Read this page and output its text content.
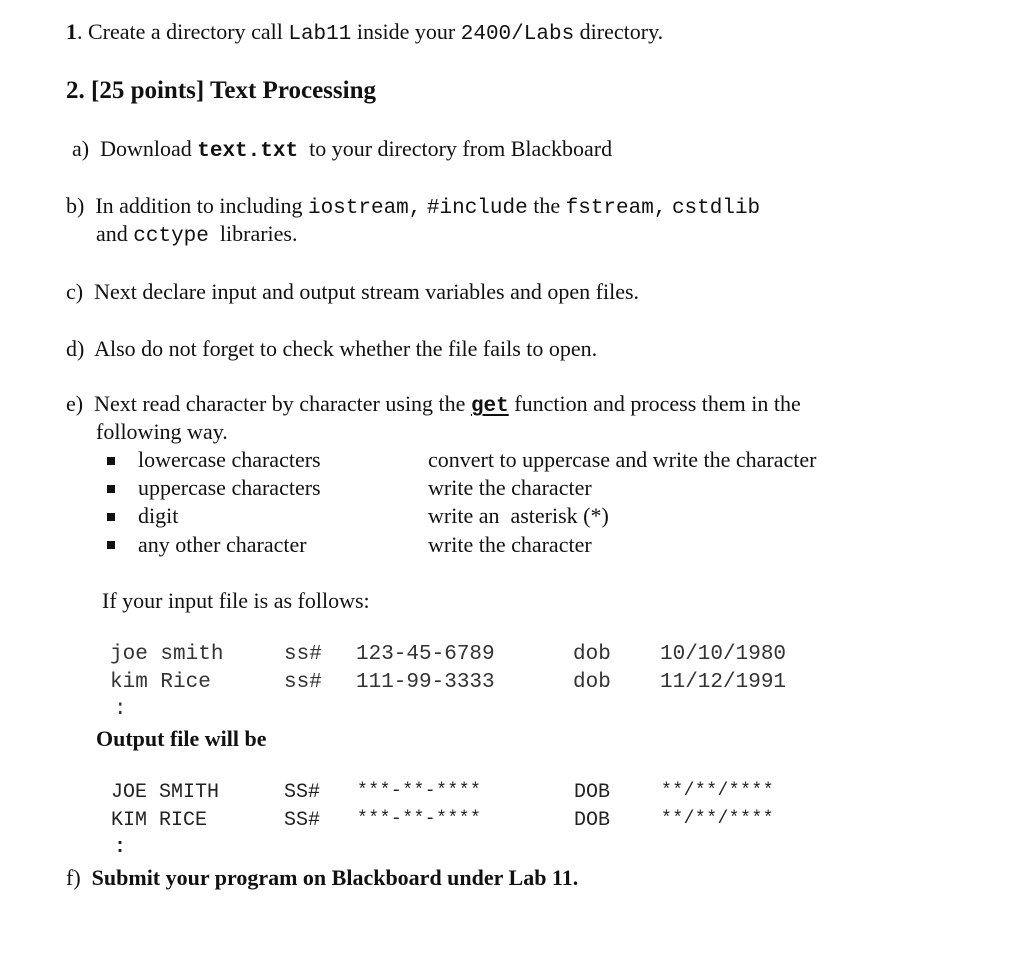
1. Create a directory call Lab11 inside your 2400/Labs directory.
2. [25 points] Text Processing
a)  Download text.txt  to your directory from Blackboard
b)  In addition to including iostream, #include the fstream, cstdlib
and cctype  libraries.
c)  Next declare input and output stream variables and open files.
d)  Also do not forget to check whether the file fails to open.
e)  Next read character by character using the get function and process them in the
following way.
lowercase characters	convert to uppercase and write the character
uppercase characters	write the character
digit	write an  asterisk (*)
any other character	write the character
If your input file is as follows:
joe smith	ss# 123-45-6789	dob 10/10/1980
kim Rice	ss# 111-99-3333	dob 11/12/1991
:
Output file will be
JOE SMITH	SS# ***-**-****	DOB	**/**/****
KIM RICE	SS# ***-**-****	DOB	**/**/****
:
f) Submit your program on Blackboard under Lab 11.
